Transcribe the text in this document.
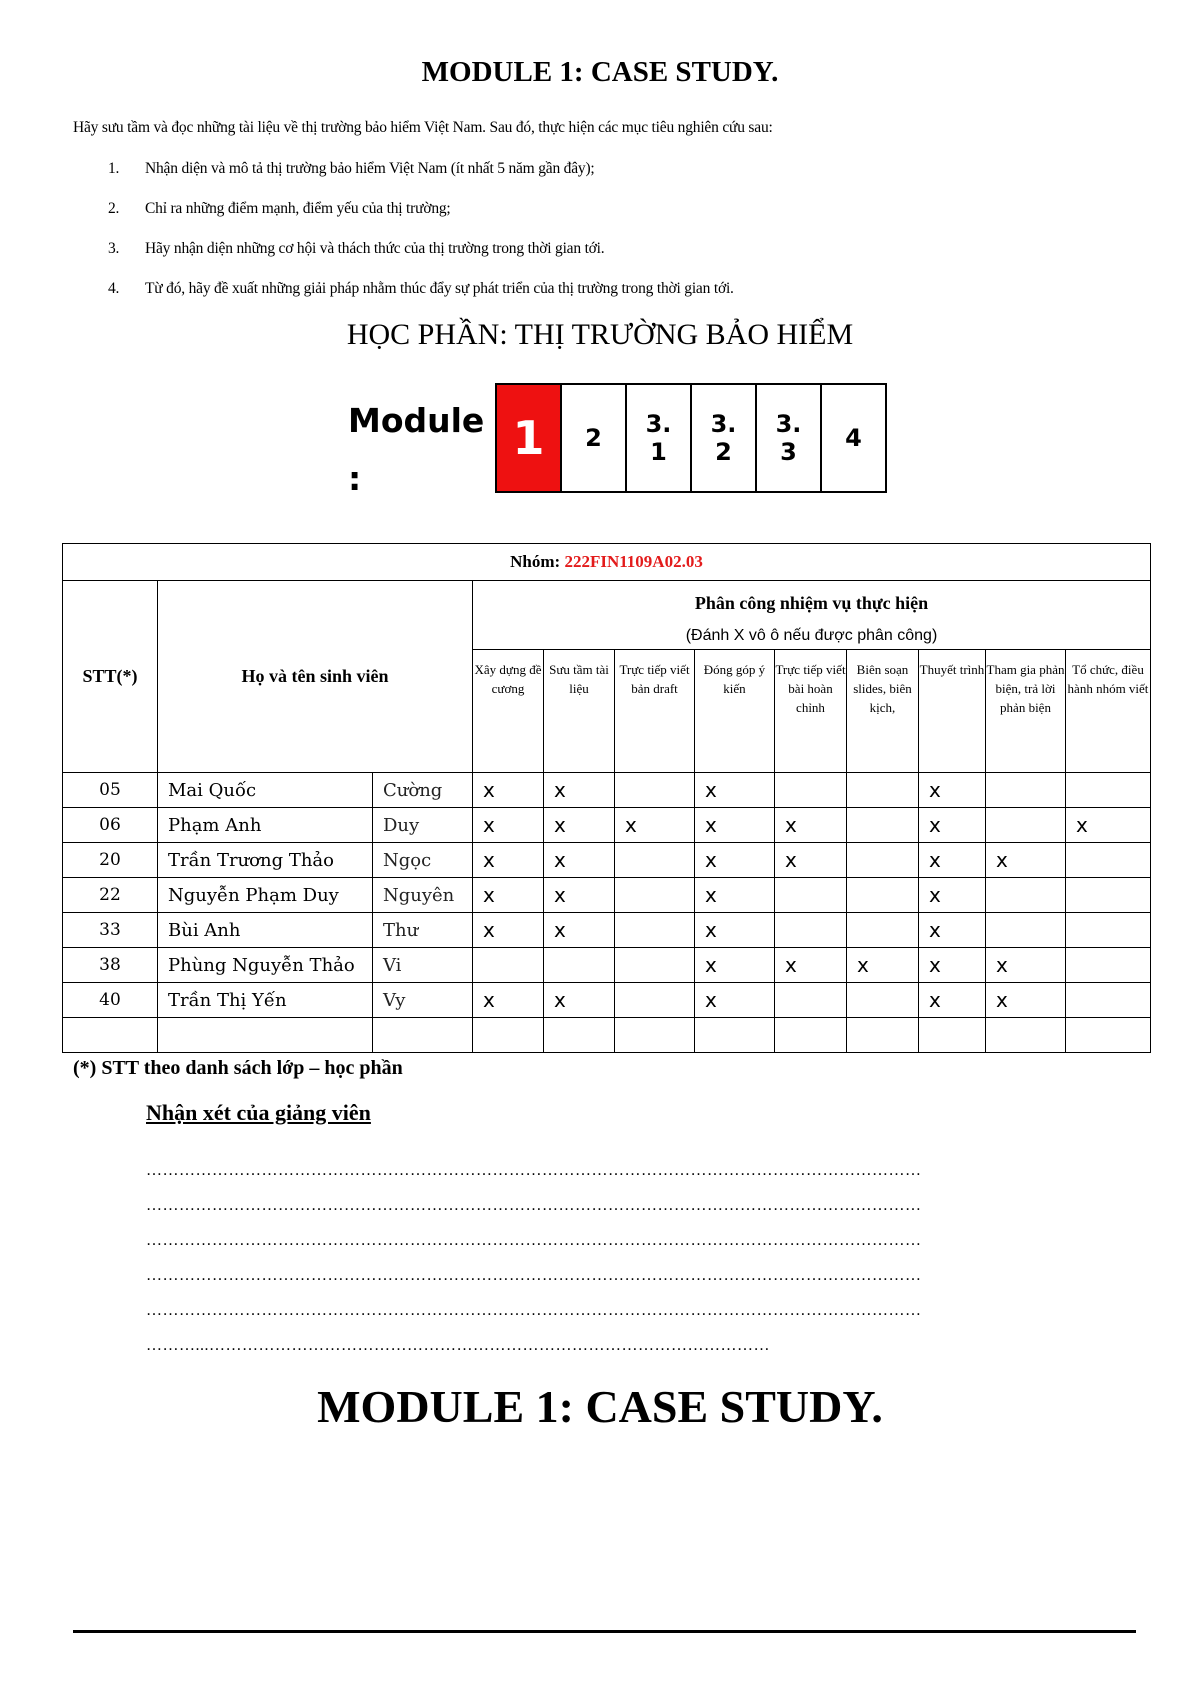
MODULE 1: CASE STUDY.
Hãy sưu tầm và đọc những tài liệu về thị trường bảo hiểm Việt Nam. Sau đó, thực hiện các mục tiêu nghiên cứu sau:
1.	Nhận diện và mô tả thị trường bảo hiểm Việt Nam (ít nhất 5 năm gần đây);
2.	Chỉ ra những điểm mạnh, điểm yếu của thị trường;
3.	Hãy nhận diện những cơ hội và thách thức của thị trường trong thời gian tới.
4.	Từ đó, hãy đề xuất những giải pháp nhằm thúc đẩy sự phát triển của thị trường trong thời gian tới.
HỌC PHẦN: THỊ TRƯỜNG BẢO HIỂM
Module
:
1 2 3.
1
3.
2
3.
3 4
Nhóm: 222FIN1109A02.03											
STT(*)	Họ và tên sinh viên		Phân công nhiệm vụ thực hiện								

			(Đánh X vô ô nếu được phân công)								

			Xây dựng đề cương	Sưu tầm tài liệu	Trực tiếp viết bản draft	Đóng góp ý kiến	Trực tiếp viết bài hoàn chỉnh	Biên soạn slides, biên kịch,	Thuyết trình	Tham gia phản biện, trả lời phản biện	Tổ chức, điều hành nhóm viết
05	Mai Quốc	Cường	x	x		x			x		
06	Phạm Anh	Duy	x	x	x	x	x		x		x
20	Trần Trương Thảo	Ngọc	x	x		x	x		x	x	
22	Nguyễn Phạm Duy	Nguyên	x	x		x			x		
33	Bùi Anh	Thư	x	x		x			x		
38	Phùng Nguyễn Thảo	Vi				x	x	x	x	x	
40	Trần Thị Yến	Vy	x	x		x			x	x	

(*) STT theo danh sách lớp – học phần
Nhận xét của giảng viên
……………………………………………………………………………………………………………………………
……………………………………………………………………………………………………………………………
……………………………………………………………………………………………………………………………
……………………………………………………………………………………………………………………………
……………………………………………………………………………………………………………………………
………...…………………………………………………………………………………………
MODULE 1: CASE STUDY.
